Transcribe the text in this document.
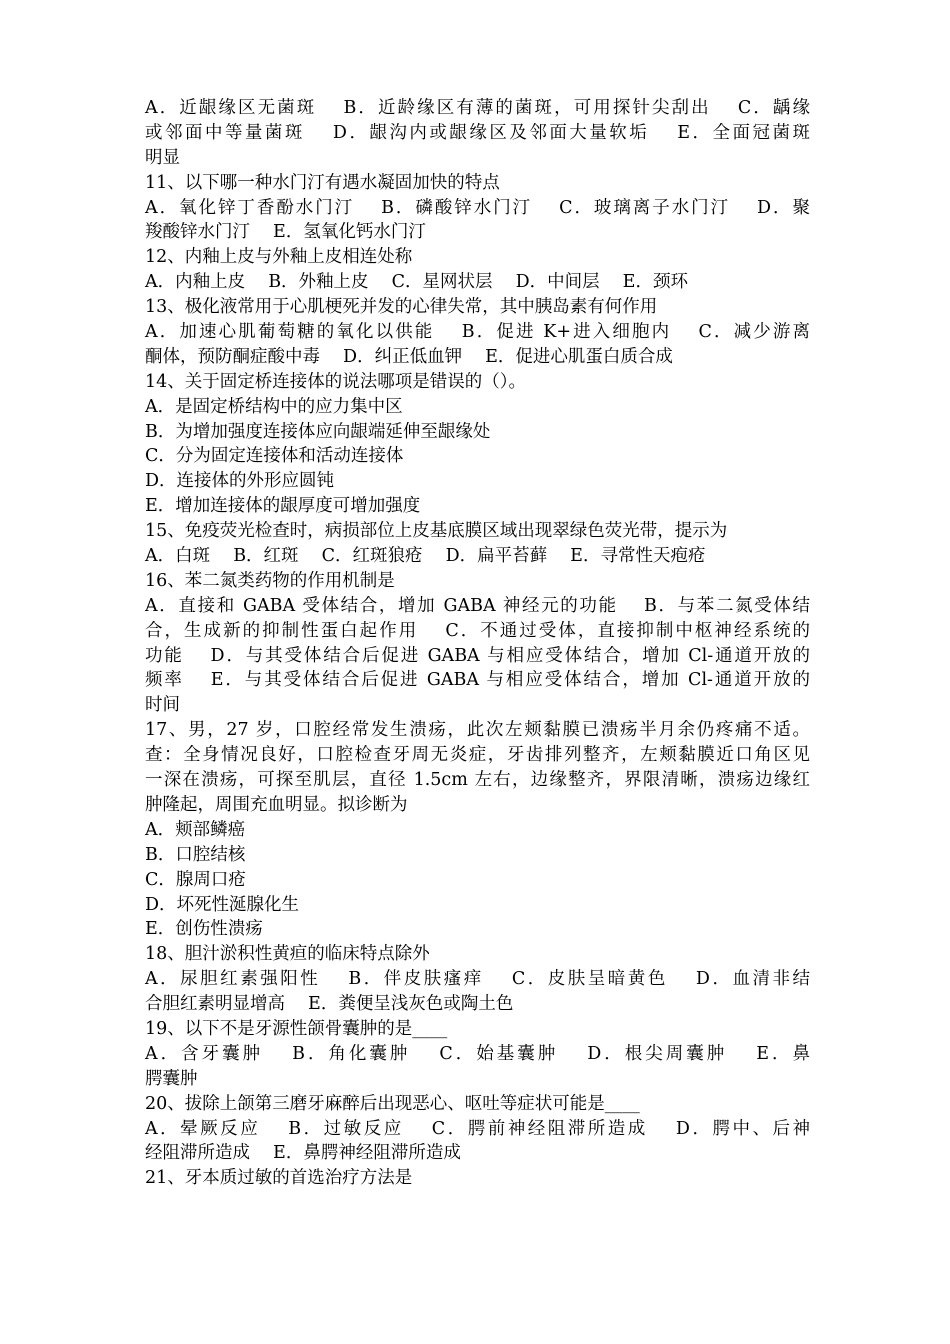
A．近龈缘区无菌斑　 B．近龄缘区有薄的菌斑，可用探针尖刮出　 C．龋缘
或邻面中等量菌斑　 D．龈沟内或龈缘区及邻面大量软垢　 E．全面冠菌斑
明显
11、以下哪一种水门汀有遇水凝固加快的特点
A．氧化锌丁香酚水门汀　 B．磷酸锌水门汀　 C．玻璃离子水门汀　 D．聚
羧酸锌水门汀　 E．氢氧化钙水门汀
12、内釉上皮与外釉上皮相连处称
A．内釉上皮　 B．外釉上皮　 C．星网状层　 D．中间层　 E．颈环
13、极化液常用于心肌梗死并发的心律失常，其中胰岛素有何作用
A．加速心肌葡萄糖的氧化以供能　 B．促进 K+进入细胞内　 C．减少游离
酮体，预防酮症酸中毒　 D．纠正低血钾　 E．促进心肌蛋白质合成
14、关于固定桥连接体的说法哪项是错误的（）。
A．是固定桥结构中的应力集中区
B．为增加强度连接体应向龈端延伸至龈缘处
C．分为固定连接体和活动连接体
D．连接体的外形应圆钝
E．增加连接体的龈厚度可增加强度
15、免疫荧光检查时，病损部位上皮基底膜区域出现翠绿色荧光带，提示为
A．白斑　 B．红斑　 C．红斑狼疮　 D．扁平苔藓　 E．寻常性天疱疮
16、苯二氮类药物的作用机制是
A．直接和 GABA 受体结合，增加 GABA 神经元的功能　 B．与苯二氮受体结
合，生成新的抑制性蛋白起作用　 C．不通过受体，直接抑制中枢神经系统的
功能　 D．与其受体结合后促进 GABA 与相应受体结合，增加 Cl-通道开放的
频率　 E．与其受体结合后促进 GABA 与相应受体结合，增加 Cl-通道开放的
时间
17、男，27 岁，口腔经常发生溃疡，此次左颊黏膜已溃疡半月余仍疼痛不适。
查：全身情况良好，口腔检查牙周无炎症，牙齿排列整齐，左颊黏膜近口角区见
一深在溃疡，可探至肌层，直径 1.5cm 左右，边缘整齐，界限清晰，溃疡边缘红
肿隆起，周围充血明显。拟诊断为
A．颊部鳞癌
B．口腔结核
C．腺周口疮
D．坏死性涎腺化生
E．创伤性溃疡
18、胆汁淤积性黄疸的临床特点除外
A．尿胆红素强阳性　 B．伴皮肤瘙痒　 C．皮肤呈暗黄色　 D．血清非结
合胆红素明显增高　 E．粪便呈浅灰色或陶土色
19、以下不是牙源性颌骨囊肿的是____
A．含牙囊肿　 B．角化囊肿　 C．始基囊肿　 D．根尖周囊肿　 E．鼻
腭囊肿
20、拔除上颌第三磨牙麻醉后出现恶心、呕吐等症状可能是____
A．晕厥反应　 B．过敏反应　 C．腭前神经阻滞所造成　 D．腭中、后神
经阻滞所造成　 E．鼻腭神经阻滞所造成
21、牙本质过敏的首选治疗方法是
